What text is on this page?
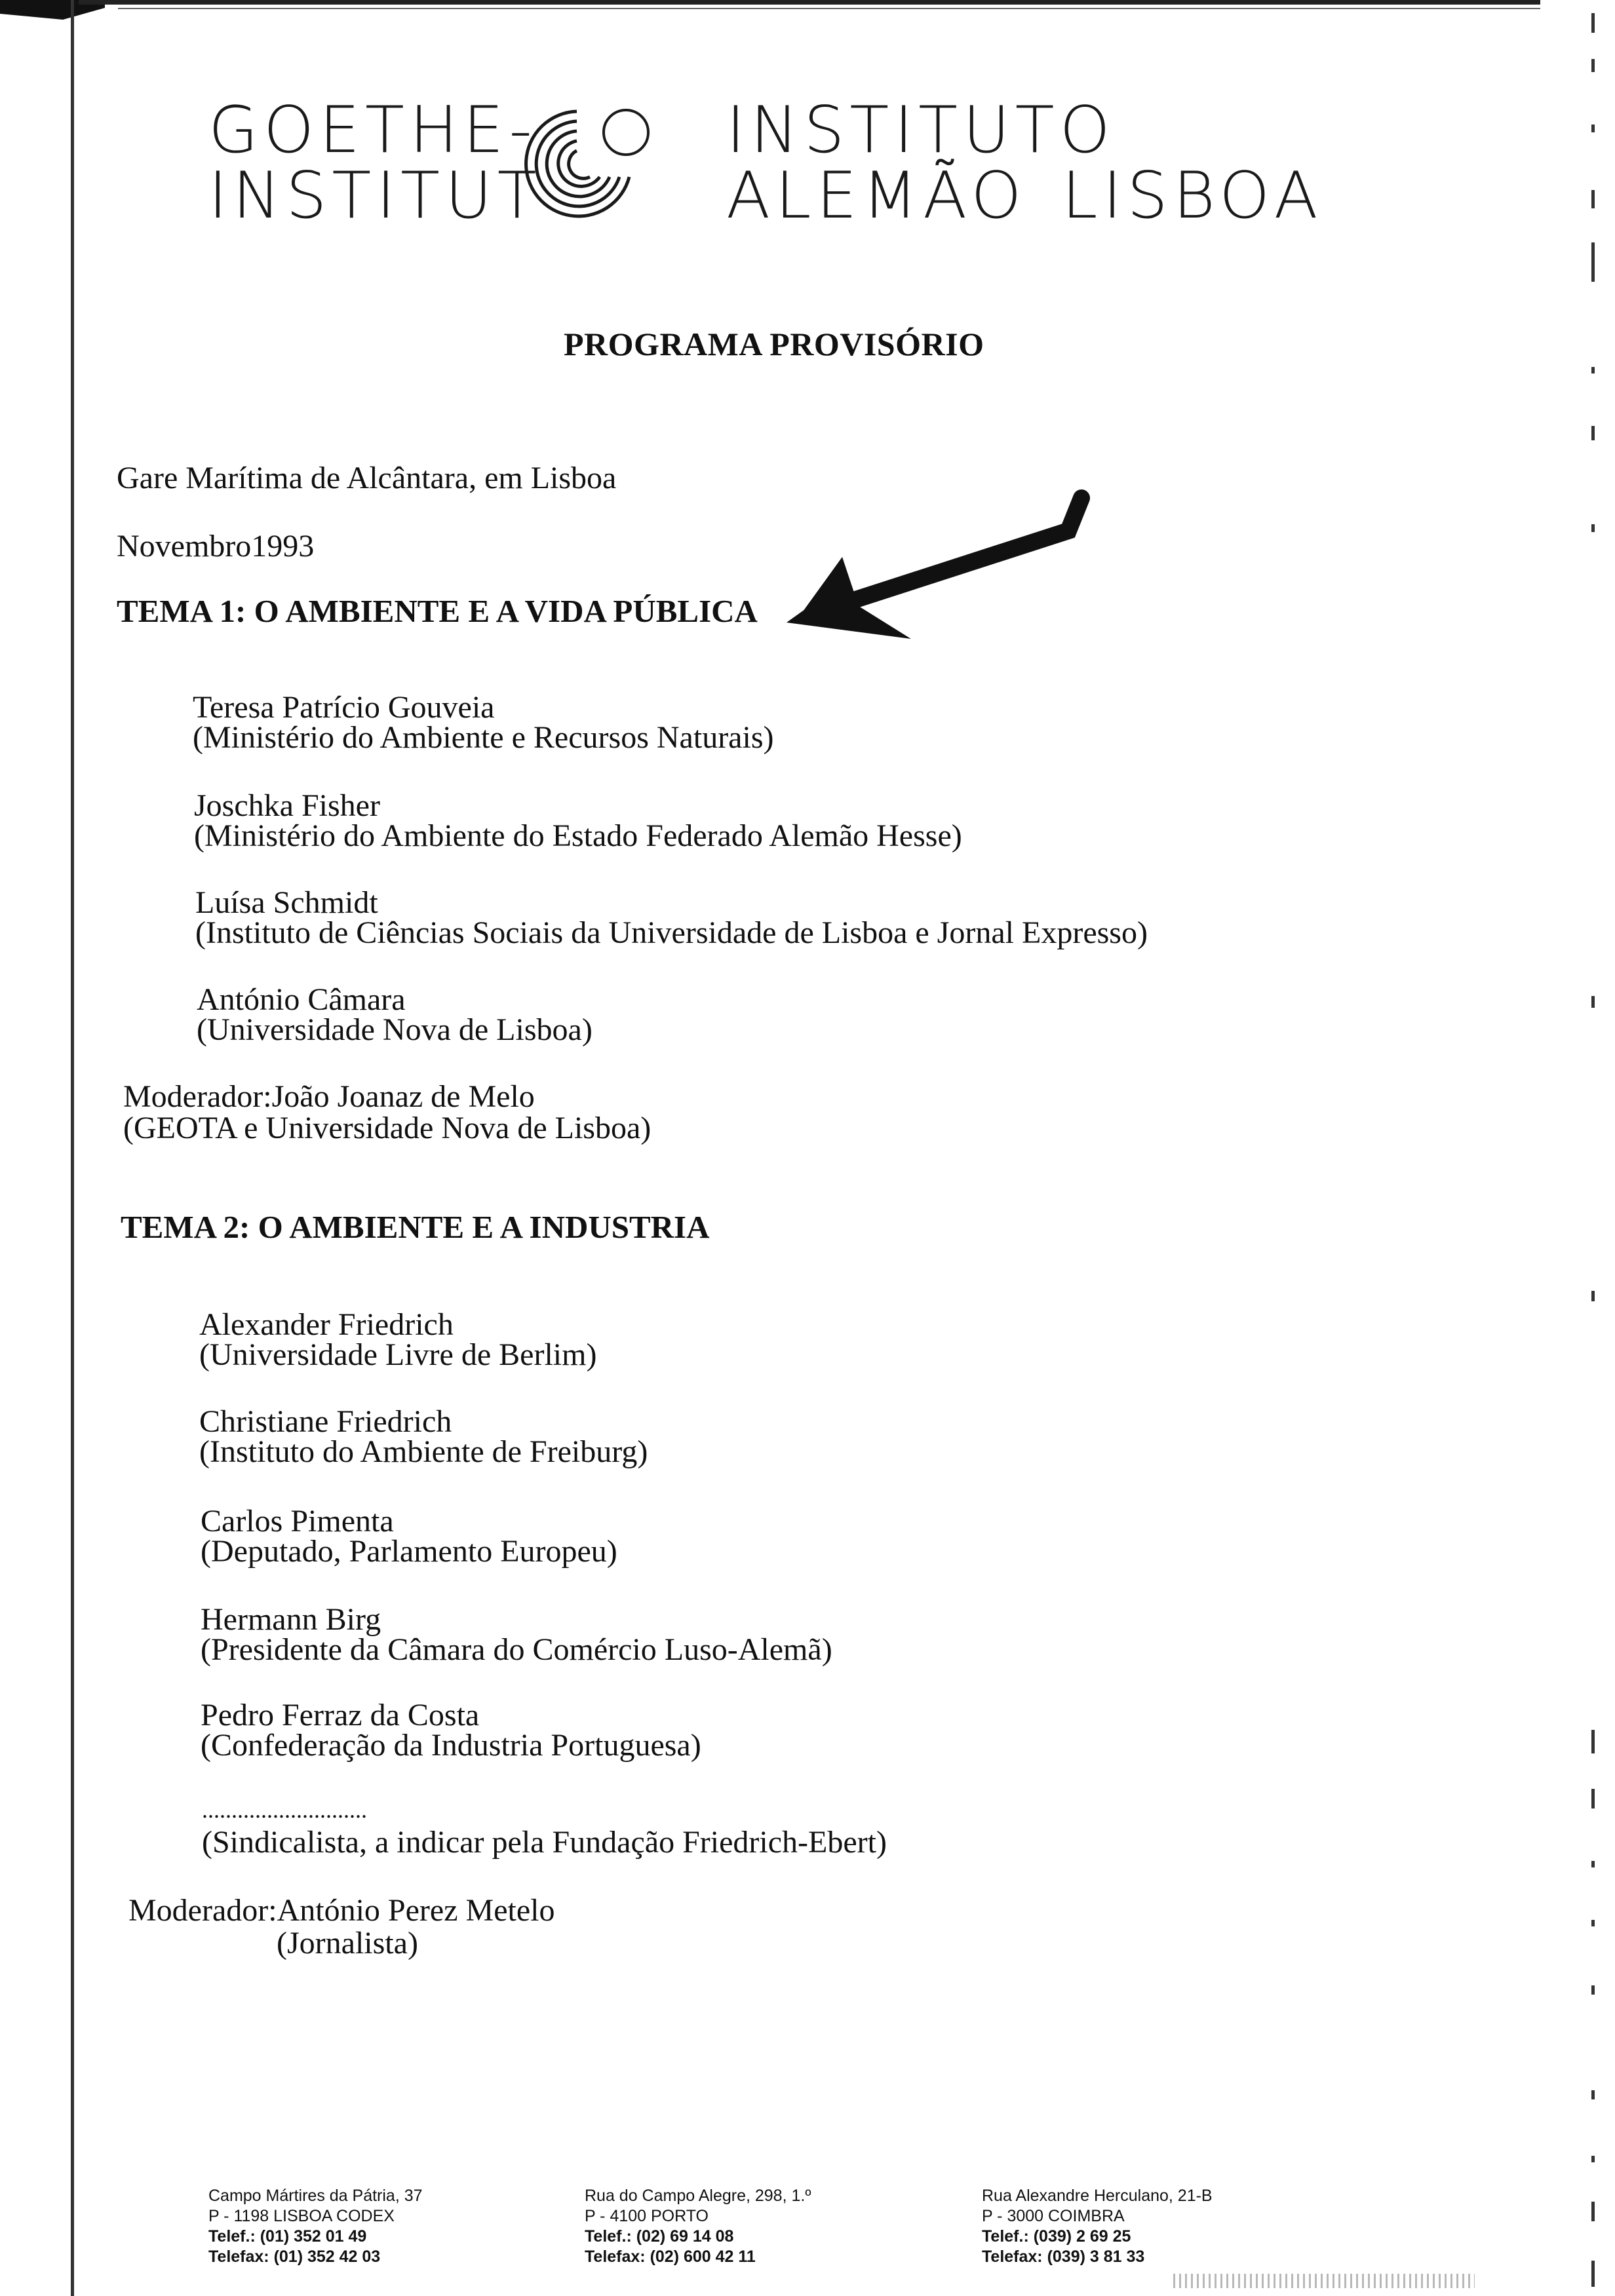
GOETHE-
INSTITUT
INSTITUTO
ALEMÃO LISBOA
PROGRAMA PROVISÓRIO
Gare Marítima de Alcântara, em Lisboa
Novembro1993
TEMA 1: O AMBIENTE E A VIDA PÚBLICA
Teresa Patrício Gouveia
(Ministério do Ambiente e Recursos Naturais)
Joschka Fisher
(Ministério do Ambiente do Estado Federado Alemão Hesse)
Luísa Schmidt
(Instituto de Ciências Sociais da Universidade de Lisboa e Jornal Expresso)
António Câmara
(Universidade Nova de Lisboa)
Moderador:João Joanaz de Melo
(GEOTA e Universidade Nova de Lisboa)
TEMA 2: O AMBIENTE E A INDUSTRIA
Alexander Friedrich
(Universidade Livre de Berlim)
Christiane Friedrich
(Instituto do Ambiente de Freiburg)
Carlos Pimenta
(Deputado, Parlamento Europeu)
Hermann Birg
(Presidente da Câmara do Comércio Luso-Alemã)
Pedro Ferraz da Costa
(Confederação da Industria Portuguesa)
............................
(Sindicalista, a indicar pela Fundação Friedrich-Ebert)
Moderador:António Perez Metelo
(Jornalista)
Campo Mártires da Pátria, 37
P - 1198 LISBOA CODEX
Telef.: (01) 352 01 49
Telefax: (01) 352 42 03
Rua do Campo Alegre, 298, 1.º
P - 4100 PORTO
Telef.: (02) 69 14 08
Telefax: (02) 600 42 11
Rua Alexandre Herculano, 21-B
P - 3000 COIMBRA
Telef.: (039) 2 69 25
Telefax: (039) 3 81 33
